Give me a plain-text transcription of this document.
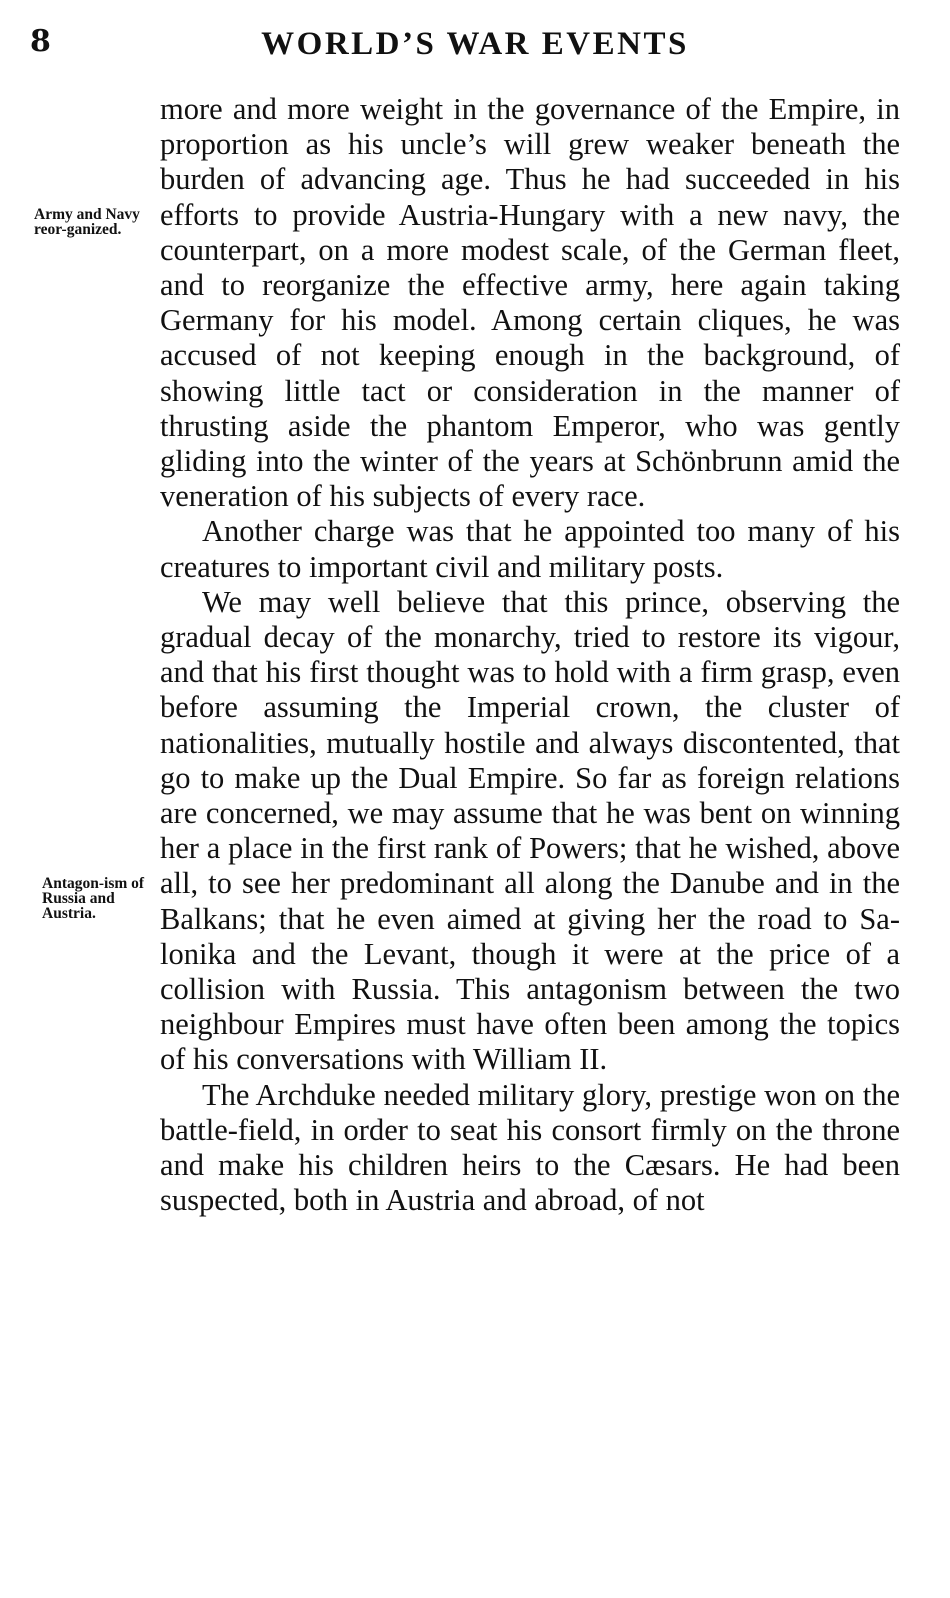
8	WORLD’S WAR EVENTS
Army and Navy reor-ganized.
Antagon-ism of Russia and Austria.

more and more weight in the governance of the Empire, in proportion as his uncle’s will grew weaker beneath the burden of advancing age. Thus he had succeeded in his efforts to provide Austria-Hungary with a new navy, the counterpart, on a more modest scale, of the German fleet, and to reorganize the effective army, here again taking Germany for his model. Among certain cliques, he was accused of not keeping enough in the background, of showing little tact or consideration in the manner of thrusting aside the phantom Emperor, who was gently gliding into the winter of the years at Schönbrunn amid the veneration of his subjects of every race.

Another charge was that he appointed too many of his creatures to important civil and military posts.

We may well believe that this prince, observing the gradual decay of the monarchy, tried to restore its vigour, and that his first thought was to hold with a firm grasp, even before assuming the Imperial crown, the cluster of nationalities, mutually hostile and always discontented, that go to make up the Dual Empire. So far as foreign relations are concerned, we may assume that he was bent on winning her a place in the first rank of Powers; that he wished, above all, to see her predominant all along the Danube and in the Balkans; that he even aimed at giving her the road to Salonika and the Levant, though it were at the price of a collision with Russia. This antagonism between the two neighbour Empires must have often been among the topics of his conversations with William II.

The Archduke needed military glory, prestige won on the battle-field, in order to seat his consort firmly on the throne and make his children heirs to the Cæsars. He had been suspected, both in Austria and abroad, of not
